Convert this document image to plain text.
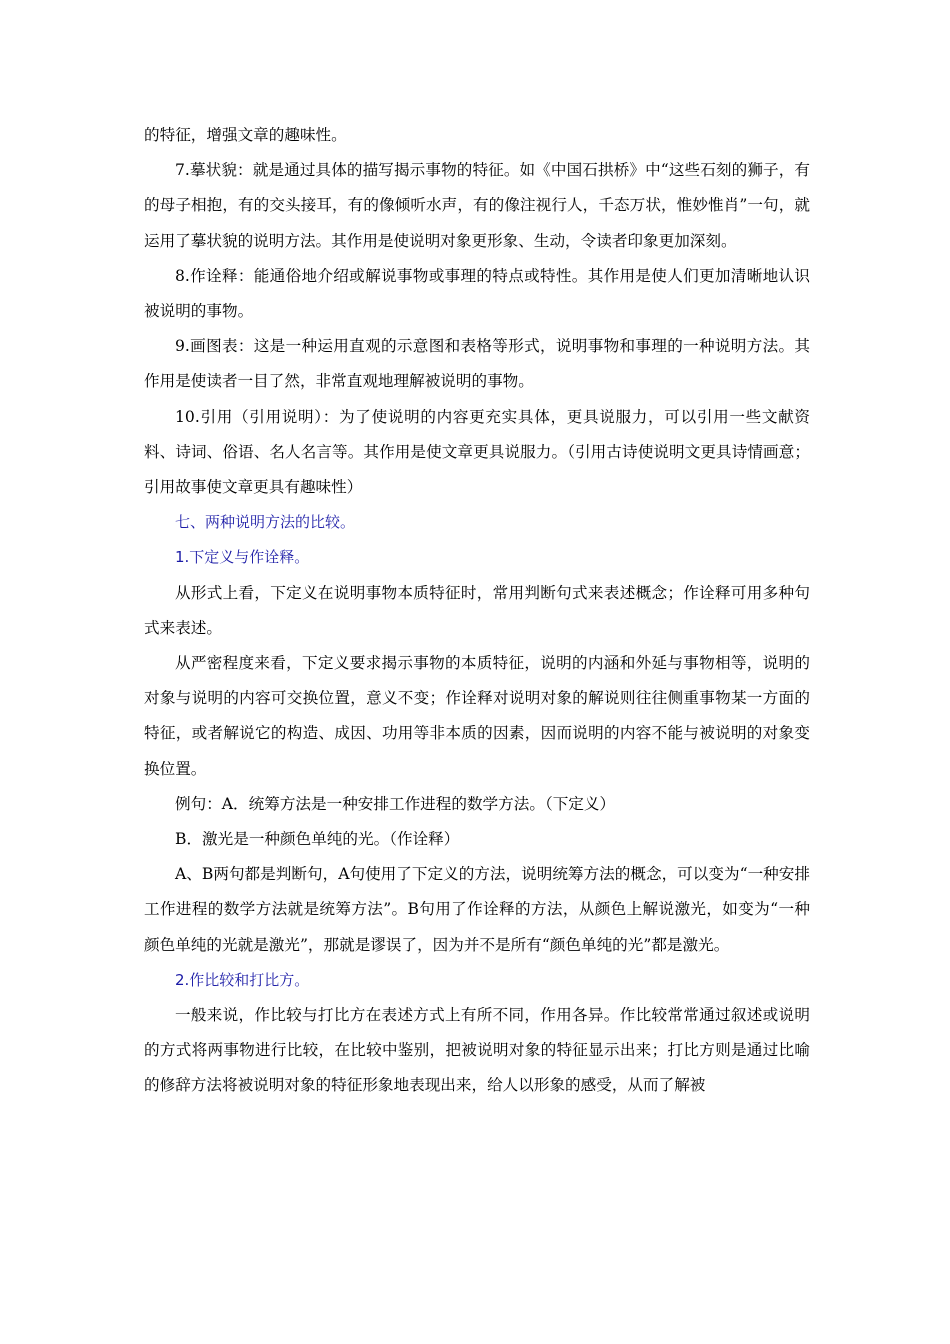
的特征，增强文章的趣味性。

7.摹状貌：就是通过具体的描写揭示事物的特征。如《中国石拱桥》中“这些石刻的狮子，有的母子相抱，有的交头接耳，有的像倾听水声，有的像注视行人，千态万状，惟妙惟肖”一句，就运用了摹状貌的说明方法。其作用是使说明对象更形象、生动，令读者印象更加深刻。

8.作诠释：能通俗地介绍或解说事物或事理的特点或特性。其作用是使人们更加清晰地认识被说明的事物。

9.画图表：这是一种运用直观的示意图和表格等形式，说明事物和事理的一种说明方法。其作用是使读者一目了然，非常直观地理解被说明的事物。

10.引用（引用说明）：为了使说明的内容更充实具体，更具说服力，可以引用一些文献资料、诗词、俗语、名人名言等。其作用是使文章更具说服力。（引用古诗使说明文更具诗情画意；引用故事使文章更具有趣味性）

七、两种说明方法的比较。

1.下定义与作诠释。

从形式上看，下定义在说明事物本质特征时，常用判断句式来表述概念；作诠释可用多种句式来表述。

从严密程度来看，下定义要求揭示事物的本质特征，说明的内涵和外延与事物相等，说明的对象与说明的内容可交换位置，意义不变；作诠释对说明对象的解说则往往侧重事物某一方面的特征，或者解说它的构造、成因、功用等非本质的因素，因而说明的内容不能与被说明的对象变换位置。

例句：A．统筹方法是一种安排工作进程的数学方法。（下定义）

B．激光是一种颜色单纯的光。（作诠释）

A、B两句都是判断句，A句使用了下定义的方法，说明统筹方法的概念，可以变为“一种安排工作进程的数学方法就是统筹方法”。B句用了作诠释的方法，从颜色上解说激光，如变为“一种颜色单纯的光就是激光”，那就是谬误了，因为并不是所有“颜色单纯的光”都是激光。

2.作比较和打比方。

一般来说，作比较与打比方在表述方式上有所不同，作用各异。作比较常常通过叙述或说明的方式将两事物进行比较，在比较中鉴别，把被说明对象的特征显示出来；打比方则是通过比喻的修辞方法将被说明对象的特征形象地表现出来，给人以形象的感受，从而了解被
